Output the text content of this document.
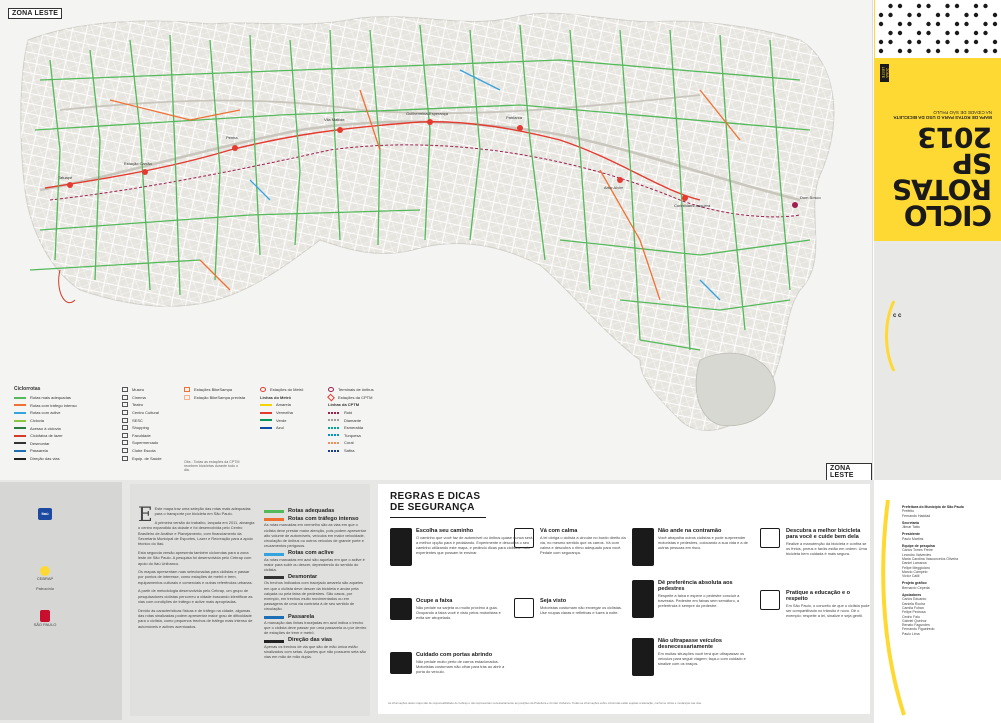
ZONA LESTE
ZONA LESTE
Tatuapé
Estação Carrão
Penha
Vila Matilde
Guilhermina-Esperança
Patriarca
Artur Alvim
Corinthians-Itaquera
Dom Bosco
Ciclorrotas
Rotas mais adequadas
Rotas com tráfego intenso
Rotas com aclive
Ciclovia
Acesso à ciclovia
Ciclofaixa de lazer
Desmontar
Passarela
Direção das vias
Museu
Cinema
Teatro
Centro Cultural
SESC
Shopping
Faculdade
Supermercado
Clube Escola
Equip. de Saúde
Estações BikeSampa
Estação BikeSampa prevista
Obs.: Todas as estações da CPTM recebem bicicletas durante todo o dia.
Estações do Metrô
Linhas do Metrô
Amarela
Vermelha
Verde
Azul
Terminais de ônibus
Estações da CPTM
Linhas da CPTM
Rubi
Diamante
Esmeralda
Turquesa
Coral
Safira
ZONA LESTE
CICLO
ROTAS
SP 2013
MAPA DE ROTAS PARA O USO DA BICICLETA
NA CIDADE DE SÃO PAULO
c c
Itaú
CEBRAP
Patrocínio
SÃO PAULO

E Este mapa traz uma seleção das rotas mais adequadas para o transporte por bicicleta em São Paulo.

A primeira versão do trabalho, lançada em 2011, abrangia o centro expandido da cidade e foi desenvolvida pelo Centro Brasileiro de Análise e Planejamento, com financiamento da Secretaria Municipal de Esportes, Lazer e Recreação para a apoio técnico do Itaú.

Esta segunda versão apresenta também ciclorrotas para a zona leste de São Paulo. A pesquisa foi desenvolvida pelo Cebrap com apoio do Itaú Unibanco.

Os mapas apresentam ruas selecionadas para ciclistas e passar por pontos de interesse, como estações de metrô e trem, equipamentos culturais e comerciais e outras referências urbanas.

A partir de metodologia desenvolvida pelo Cebrap, um grupo de pesquisadores ciclistas percorreu a cidade buscando identificar as vias com condições de tráfego e aclive mais apropriadas.

Devido às características físicas e de tráfego na cidade, algumas das rotas sinalizadas podem apresentar maior grau de dificuldade para o ciclista, como pequenos trechos de tráfego mais intenso de automóveis e aclives acentuados.

Rotas adequadas
Rotas com tráfego intenso
As rotas marcadas em vermelho são as vias em que o ciclista deve prestar maior atenção, pois podem apresentar alto volume de automóveis, veículos em maior velocidade, circulação de ônibus ou outros veículos de grande porte e cruzamentos perigosos.
Rotas com aclive
As rotas marcadas em azul são aquelas em que o aclive é maior para subir ou descer, dependendo do sentido do ciclista.
Desmontar
Os trechos indicados com tracejado amarelo são aqueles em que o ciclista deve descer da bicicleta e andar pela calçada ou pela faixa de pedestres. São casos, por exemplo, em trechos muito movimentados ou em passagens de uma via contrária à de seu sentido de circulação.
Passarela
A marcação das linhas tracejadas em azul indica o trecho que o ciclista deve passar por uma passarela ou por dentro de estações de trem e metrô.
Direção das vias
Apenas os trechos de via que são de mão única estão sinalizados com setas. Aqueles que não possuem seta são vias em mão de mão dupla.
REGRAS E DICAS
DE SEGURANÇA
Escolha seu caminho
O caminho que você faz de automóvel ou ônibus quase nunca será a melhor opção para ir pedalando. Experimente e descubra o seu caminho utilizando este mapa, e pedindo dicas para ciclistas mais experientes que possam te ensinar.
Vá com calma
A lei obriga o ciclista a circular no bordo direito da via, no mesmo sentido que os carros. Vá com calma e descubra o ritmo adequado para você. Pedale com segurança.
Não ande na contramão
Você atrapalha outros ciclistas e pode surpreender motoristas e pedestres, colocando a sua vida e a de outras pessoas em risco.
Descubra a melhor bicicleta para você e cuide bem dela
Realize a manutenção da bicicleta e confira se os freios, pneus e faróis estão em ordem. Uma bicicleta bem cuidada é mais segura.
Dê preferência absoluta aos pedestres
Respeite a faixa e espere o pedestre concluir a travessia. Pedestre em faixas sem semáforo, a preferência é sempre do pedestre.
Ocupe a faixa
Não pedale na sarjeta ou muito próximo à guia. Ocupando a faixa você é visto pelos motoristas e evita ser atropelado.
Seja visto
Motoristas costumam não enxergar os ciclistas. Use roupas claras e refletivas e luzes à noite.
Pratique a educação e o respeito
Em São Paulo, o conceito de que o ciclista pode ser compartilhado no trânsito é novo. Dê o exemplo: respeite a lei, sinalize e seja gentil.
Cuidado com portas abrindo
Não pedale muito perto de carros estacionados. Motoristas costumam não olhar para trás ao abrir a porta do veículo.
Não ultrapasse veículos desnecessariamente
Em muitas situações você terá que ultrapassar os veículos para seguir viagem; faça-o com cuidado e sinalize com os braços.
As informações deste mapa são de responsabilidade do Cebrap e não representam necessariamente as posições da Prefeitura e do Itaú Unibanco. Todas as informações sobre ciclorrotas estão sujeitas a alteração, conforme obras e mudanças nas vias.
Prefeitura do Município de São Paulo
Prefeito
Fernando Haddad
Secretaria
Jilmar Tatto
Presidente
Paulo Martins
Equipe de pesquisa
Carlos Torres Freire
Leandro Valverdes
Maria Carolina Vasconcelos Oliveira
Daniel Lamarca
Felipe Meggiolaro
Marcio Campelo
Victor Callil
Projeto gráfico
Bernardo Cepeda
Apoiadores
Carlos Eduardo
Daniela Rocha
Camila Fuhan
Felipe Pedrosa
Cedric Falu
Gabriel Queiroz
Renato Fagundes
Fernando Figueiredo
Paulo Lima
